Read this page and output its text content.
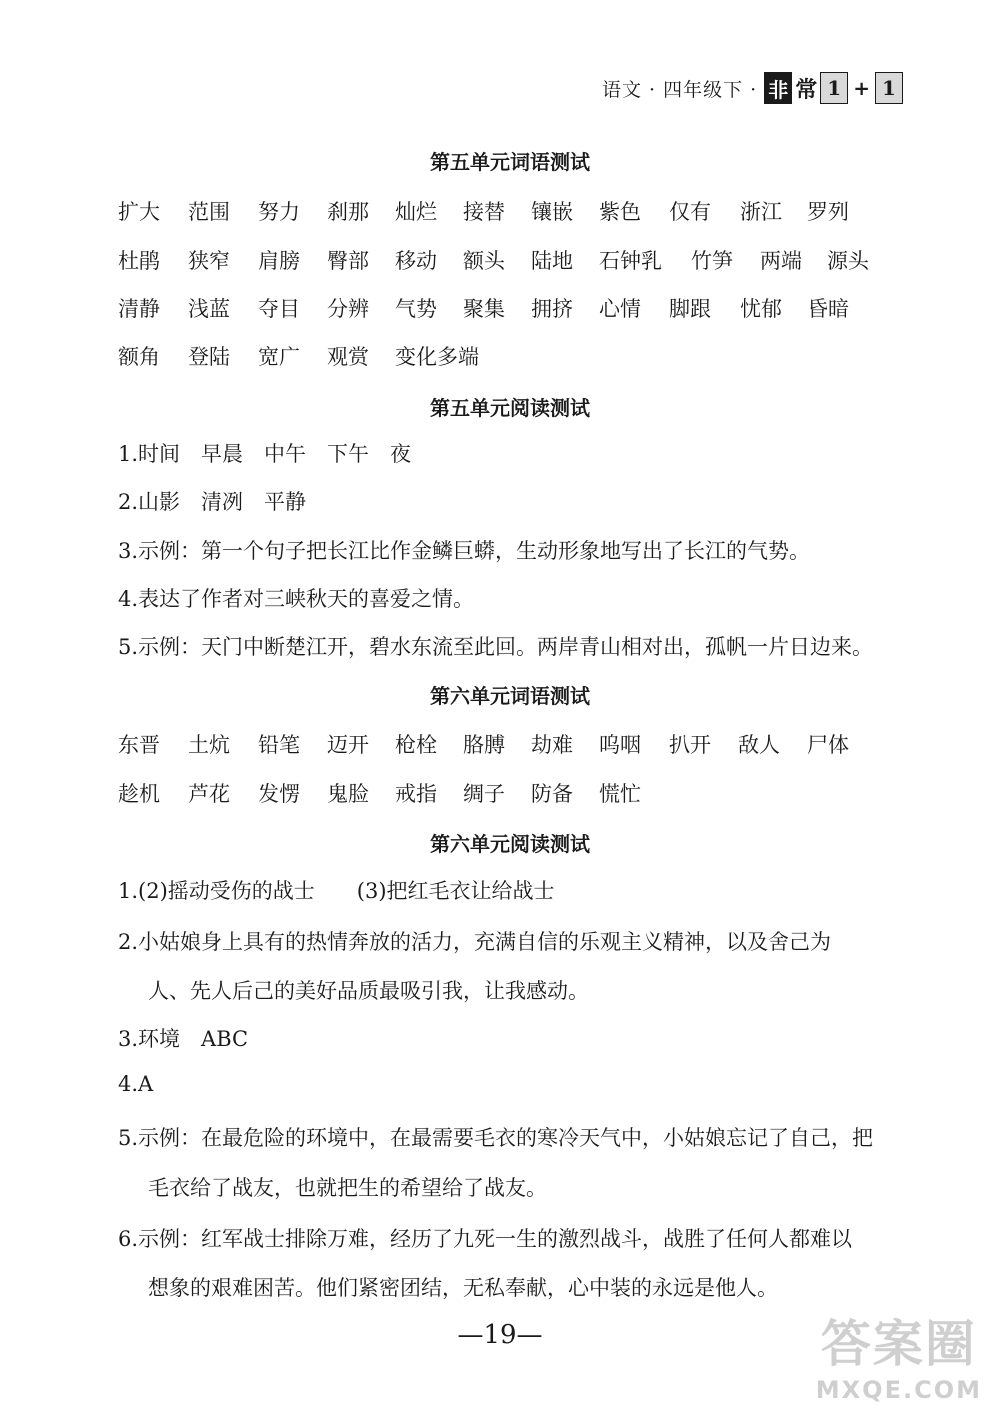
语文 · 四年级下 · 非 常 1 + 1
第五单元词语测试
扩大 范围 努力 刹那 灿烂 接替 镶嵌 紫色 仅有 浙江 罗列
杜鹃 狭窄 肩膀 臀部 移动 额头 陆地 石钟乳 竹笋 两端 源头
清静 浅蓝 夺目 分辨 气势 聚集 拥挤 心情 脚跟 忧郁 昏暗
额角 登陆 宽广 观赏 变化多端
第五单元阅读测试
1.时间　早晨　中午　下午　夜
2.山影　清冽　平静
3.示例：第一个句子把长江比作金鳞巨蟒，生动形象地写出了长江的气势。
4.表达了作者对三峡秋天的喜爱之情。
5.示例：天门中断楚江开，碧水东流至此回。两岸青山相对出，孤帆一片日边来。
第六单元词语测试
东晋 土炕 铅笔 迈开 枪栓 胳膊 劫难 呜咽 扒开 敌人 尸体
趁机 芦花 发愣 鬼脸 戒指 绸子 防备 慌忙
第六单元阅读测试
1.(2)摇动受伤的战士　　(3)把红毛衣让给战士
2.小姑娘身上具有的热情奔放的活力，充满自信的乐观主义精神，以及舍己为
人、先人后己的美好品质最吸引我，让我感动。
3.环境　ABC
4.A
5.示例：在最危险的环境中，在最需要毛衣的寒冷天气中，小姑娘忘记了自己，把
毛衣给了战友，也就把生的希望给了战友。
6.示例：红军战士排除万难，经历了九死一生的激烈战斗，战胜了任何人都难以
想象的艰难困苦。他们紧密团结，无私奉献，心中装的永远是他人。
—19—	答案圈
MXQE.COM
